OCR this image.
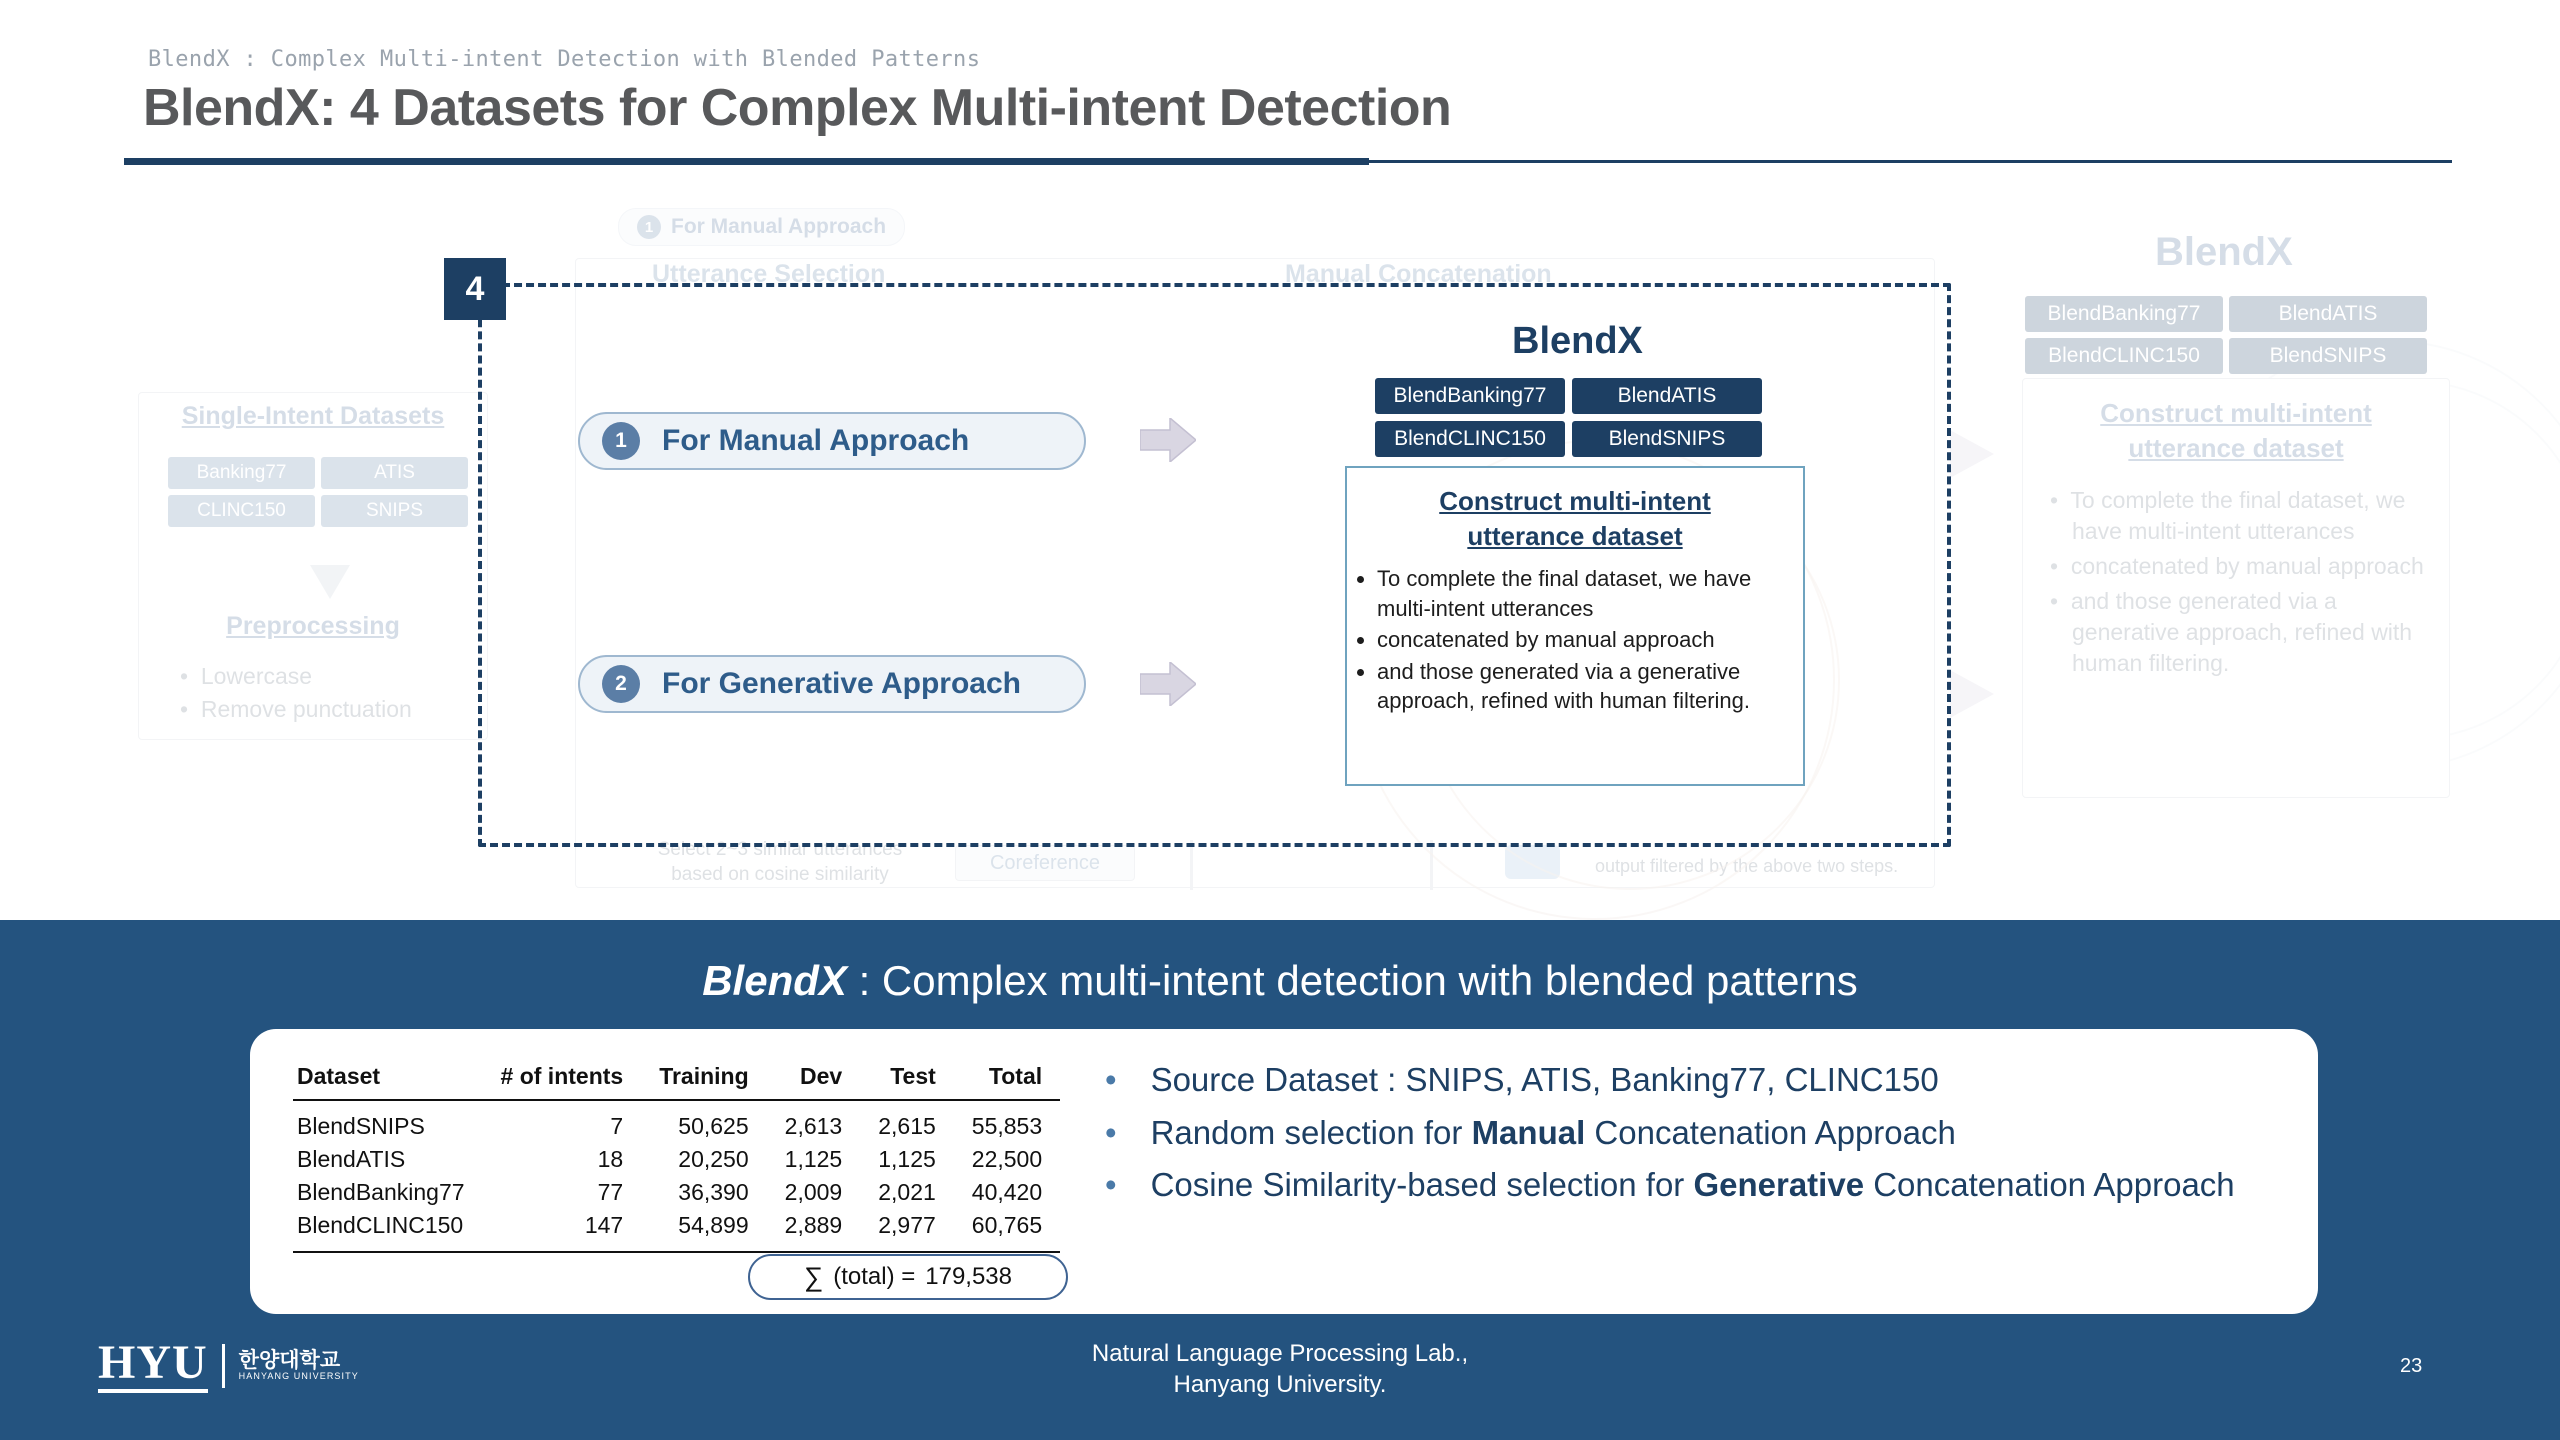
BlendX : Complex Multi-intent Detection with Blended Patterns
BlendX: 4 Datasets for Complex Multi-intent Detection
1 For Manual Approach
Utterance Selection	Manual Concatenation
Select 2~3 similar utterances based on cosine similarity
Coreference	output filtered by the above two steps.
Single-Intent Datasets
Banking77	ATIS
CLINC150	SNIPS
Preprocessing
•  Lowercase
•  Remove punctuation
BlendX
BlendBanking77	BlendATIS
BlendCLINC150	BlendSNIPS
Construct multi-intent
utterance dataset
•  To complete the final dataset, we have multi-intent utterances
•  concatenated by manual approach
•  and those generated via a generative approach, refined with human filtering.
4
1	For Manual Approach
2	For Generative Approach
BlendX
BlendBanking77	BlendATIS
BlendCLINC150	BlendSNIPS
Construct multi-intent
utterance dataset
• To complete the final dataset, we have multi-intent utterances
• concatenated by manual approach
• and those generated via a generative approach, refined with human filtering.
BlendX : Complex multi-intent detection with blended patterns
Dataset	# of intents	Training	Dev	Test	Total
BlendSNIPS	7	50,625	2,613	2,615	55,853
BlendATIS	18	20,250	1,125	1,125	22,500
BlendBanking77	77	36,390	2,009	2,021	40,420
BlendCLINC150	147	54,899	2,889	2,977	60,765
∑ (total) = 179,538
• Source Dataset : SNIPS, ATIS, Banking77, CLINC150
• Random selection for Manual Concatenation Approach
• Cosine Similarity-based selection for Generative Concatenation Approach
HYU 한양대학교
HANYANG UNIVERSITY
Natural Language Processing Lab.,
Hanyang University.
23
